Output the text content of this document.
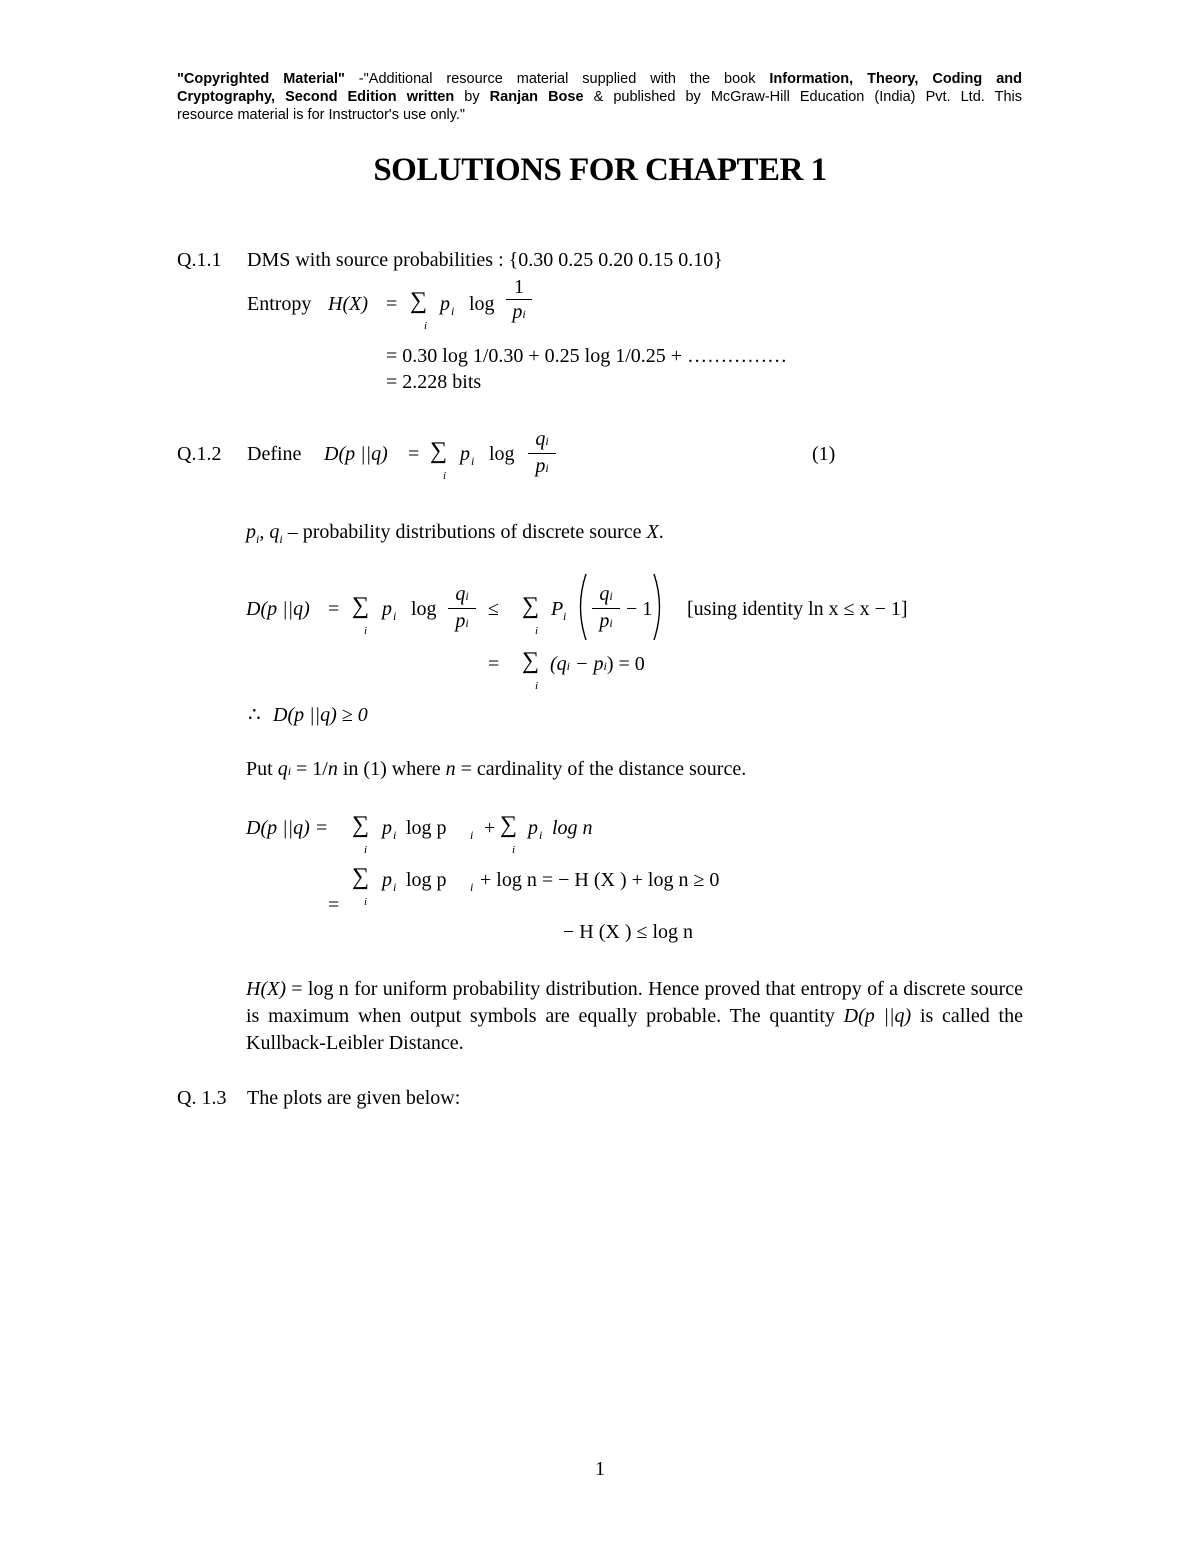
"Copyrighted Material" -"Additional resource material supplied with the book Information, Theory, Coding and
Cryptography, Second Edition written by Ranjan Bose & published by McGraw-Hill Education (India) Pvt. Ltd. This
resource material is for Instructor's use only."
SOLUTIONS FOR CHAPTER 1
Q.1.1 DMS with source probabilities : {0.30 0.25 0.20 0.15 0.10}
Entropy H(X) = ∑
i
p i log
1
pi
= 0.30 log 1/0.30 + 0.25 log 1/0.25 + ……………
= 2.228 bits
Q.1.2 Define D(p ||q) = ∑
i
p i log
qi
pi
(1)
$p_i$, $q_i$ – probability distributions of discrete source X.
D(p ||q) = ∑
i
p i log
qi
pi
≤ ∑
i
P i
qi
pi
− 1 [using identity ln x ≤ x − 1]
= ∑
i
(qi − pi) = 0
∴ D(p ||q) ≥ 0
Put qi = 1/n in (1) where n = cardinality of the distance source.
D(p ||q) = ∑
i
p i log p i + ∑
i
p i log n
∑
i
=
p i log p i + log n = − H (X ) + log n ≥ 0
− H (X ) ≤ log n
H(X) = log n for uniform probability distribution. Hence proved that entropy of a discrete source is maximum when output symbols are equally probable. The quantity D(p ||q) is called the Kullback-Leibler Distance.
Q. 1.3 The plots are given below:
1
